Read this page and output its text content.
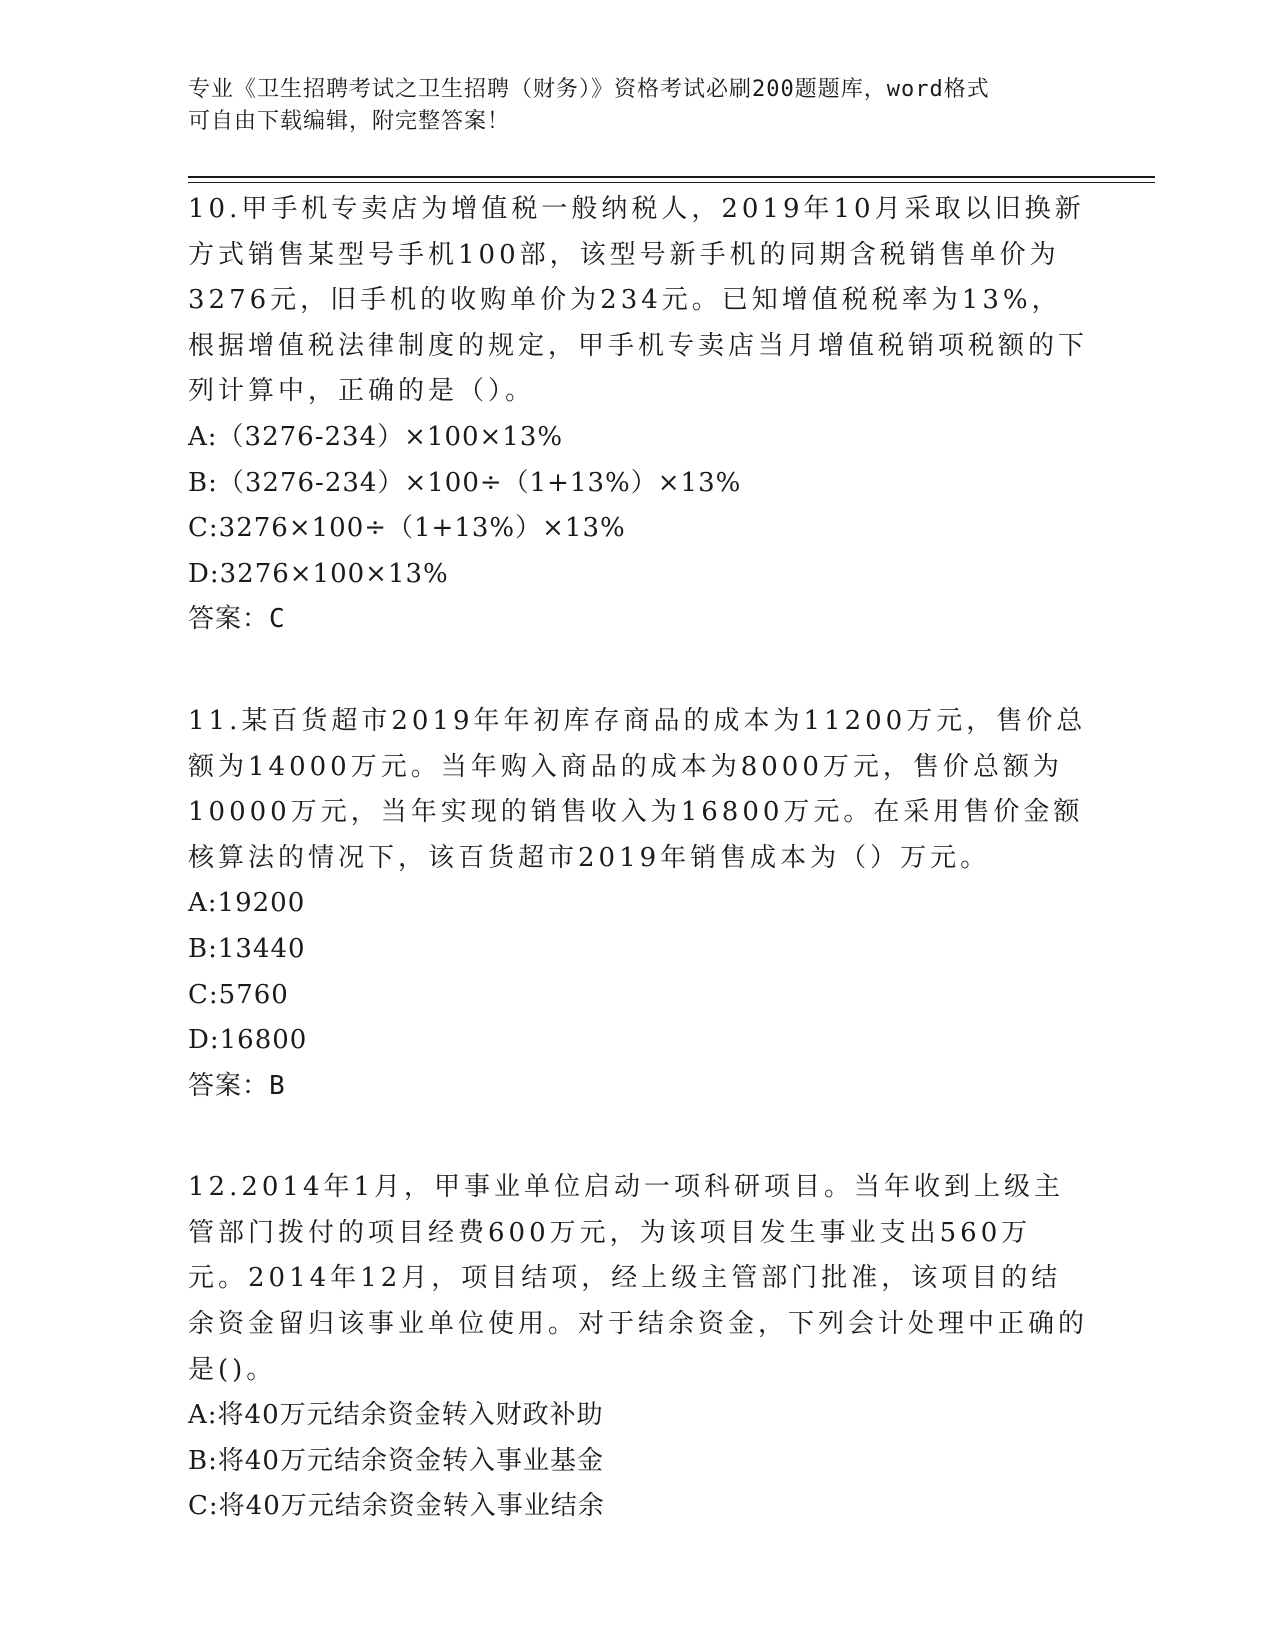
专业《卫生招聘考试之卫生招聘（财务）》资格考试必刷200题题库，word格式
可自由下载编辑，附完整答案！
10.甲手机专卖店为增值税一般纳税人，2019年10月采取以旧换新方式销售某型号手机100部，该型号新手机的同期含税销售单价为3276元，旧手机的收购单价为234元。已知增值税税率为13%，根据增值税法律制度的规定，甲手机专卖店当月增值税销项税额的下列计算中，正确的是（）。
A:（3276-234）×100×13%
B:（3276-234）×100÷（1+13%）×13%
C:3276×100÷（1+13%）×13%
D:3276×100×13%
答案：C
11.某百货超市2019年年初库存商品的成本为11200万元，售价总额为14000万元。当年购入商品的成本为8000万元，售价总额为10000万元，当年实现的销售收入为16800万元。在采用售价金额核算法的情况下，该百货超市2019年销售成本为（）万元。
A:19200
B:13440
C:5760
D:16800
答案：B
12.2014年1月，甲事业单位启动一项科研项目。当年收到上级主管部门拨付的项目经费600万元，为该项目发生事业支出560万元。2014年12月，项目结项，经上级主管部门批准，该项目的结余资金留归该事业单位使用。对于结余资金，下列会计处理中正确的是()。
A:将40万元结余资金转入财政补助
B:将40万元结余资金转入事业基金
C:将40万元结余资金转入事业结余
